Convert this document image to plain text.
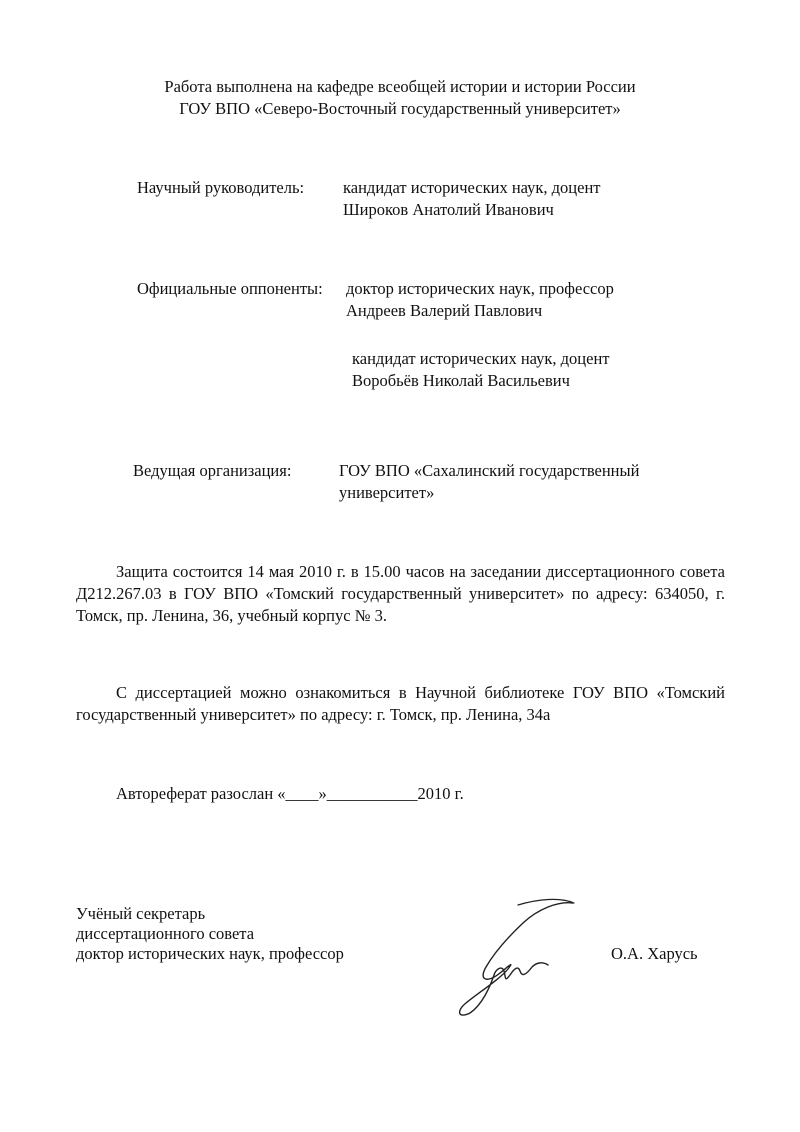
Работа выполнена на кафедре всеобщей истории и истории России
ГОУ ВПО «Северо-Восточный государственный университет»
Научный руководитель: кандидат исторических наук, доцент
Широков Анатолий Иванович
Официальные оппоненты: доктор исторических наук, профессор
Андреев Валерий Павлович
кандидат исторических наук, доцент
Воробьёв Николай Васильевич
Ведущая организация:	ГОУ ВПО «Сахалинский государственный
университет»
Защита состоится 14 мая 2010 г. в 15.00 часов на заседании диссертационного совета Д212.267.03 в ГОУ ВПО «Томский государственный университет» по адресу: 634050, г. Томск, пр. Ленина, 36, учебный корпус № 3.
С диссертацией можно ознакомиться в Научной библиотеке ГОУ ВПО «Томский государственный университет» по адресу: г. Томск, пр. Ленина, 34а
Автореферат разослан «____»___________2010 г.
Учёный секретарь
диссертационного совета
доктор исторических наук, профессор	О.А. Харусь
